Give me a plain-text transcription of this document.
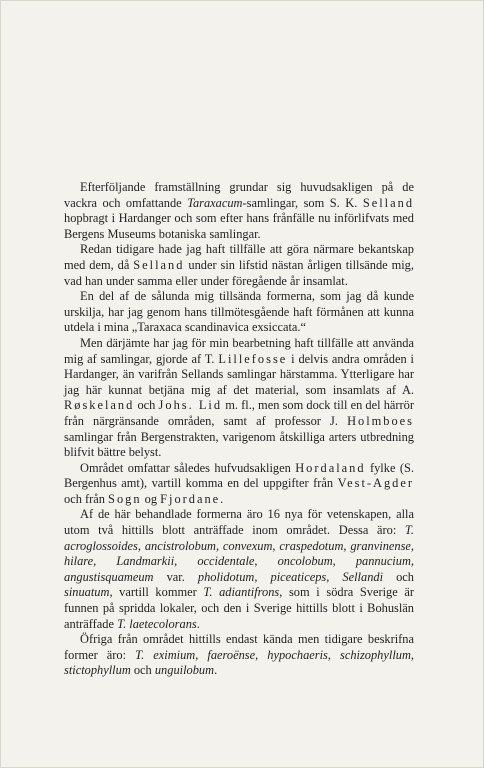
Efterföljande framställning grundar sig huvudsakligen på de vackra och omfattande Taraxacum-samlingar, som S. K. Selland hopbragt i Hardanger och som efter hans frånfälle nu införlifvats med Bergens Museums botaniska samlingar.

Redan tidigare hade jag haft tillfälle att göra närmare bekantskap med dem, då Selland under sin lifstid nästan årligen tillsände mig, vad han under samma eller under föregående år insamlat.

En del af de sålunda mig tillsända formerna, som jag då kunde urskilja, har jag genom hans tillmötesgående haft förmånen att kunna utdela i mina „Taraxaca scandinavica exsiccata.“

Men därjämte har jag för min bearbetning haft tillfälle att använda mig af samlingar, gjorde af T. Lillefosse i delvis andra områden i Hardanger, än varifrån Sellands samlingar härstamma. Ytterligare har jag här kunnat betjäna mig af det material, som insamlats af A. Røskeland och Johs. Lid m. fl., men som dock till en del härrör från närgränsande områden, samt af professor J. Holmboes samlingar från Bergenstrakten, varigenom åtskilliga arters utbredning blifvit bättre belyst.

Området omfattar således hufvudsakligen Hordaland fylke (S. Bergenhus amt), vartill komma en del uppgifter från Vest-Agder och från Sogn og Fjordane.

Af de här behandlade formerna äro 16 nya för vetenskapen, alla utom två hittills blott anträffade inom området. Dessa äro: T. acroglossoides, ancistrolobum, convexum, craspedotum, granvinense, hilare, Landmarkii, occidentale, oncolobum, pannucium, angustisquameum var. pholidotum, piceaticeps, Sellandi och sinuatum, vartill kommer T. adiantifrons, som i södra Sverige är funnen på spridda lokaler, och den i Sverige hittills blott i Bohuslän anträffade T. laetecolorans.

Öfriga från området hittills endast kända men tidigare beskrifna former äro: T. eximium, faeroënse, hypochaeris, schizophyllum, stictophyllum och unguilobum.
